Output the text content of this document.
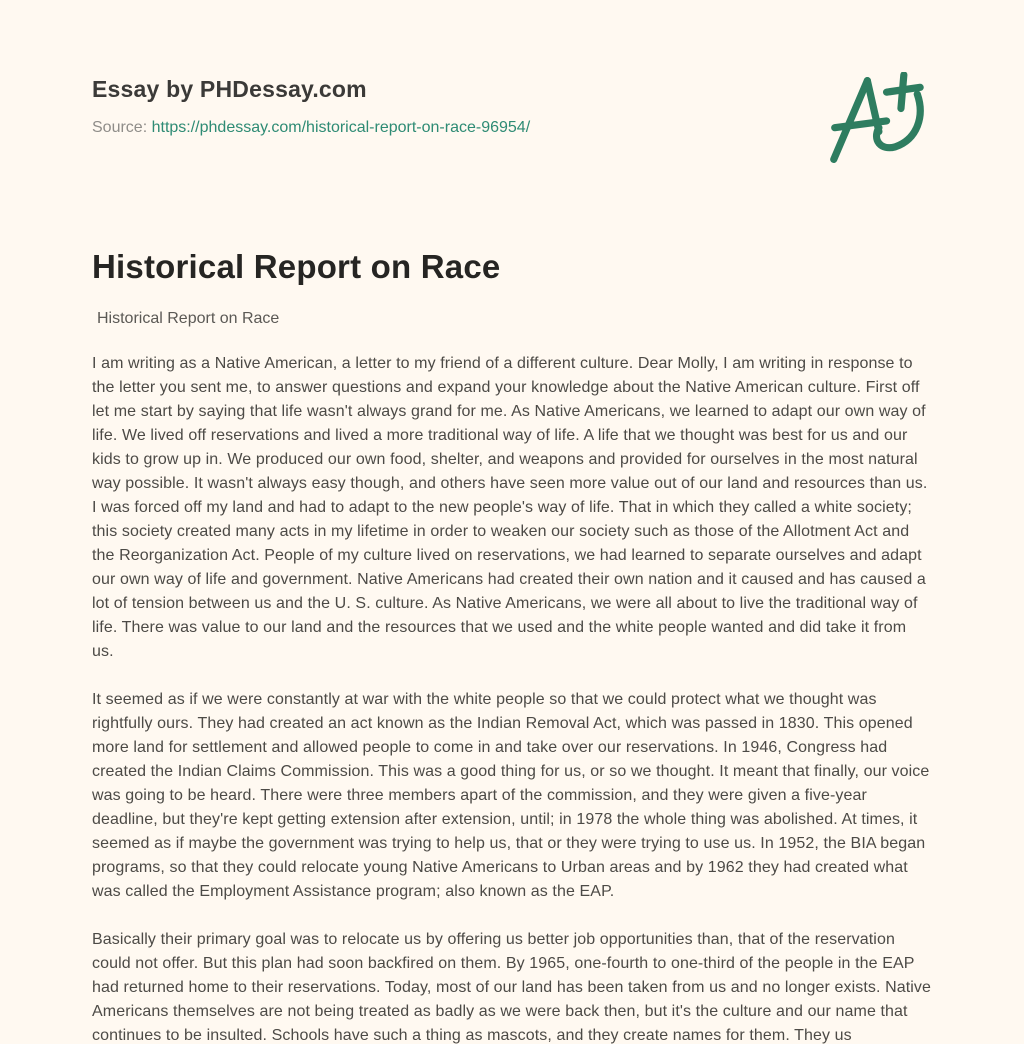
Essay by PHDessay.com
Source: https://phdessay.com/historical-report-on-race-96954/
Historical Report on Race
Historical Report on Race

I am writing as a Native American, a letter to my friend of a different culture. Dear Molly, I am writing in response to the letter you sent me, to answer questions and expand your knowledge about the Native American culture. First off let me start by saying that life wasn't always grand for me. As Native Americans, we learned to adapt our own way of life. We lived off reservations and lived a more traditional way of life. A life that we thought was best for us and our kids to grow up in. We produced our own food, shelter, and weapons and provided for ourselves in the most natural way possible. It wasn't always easy though, and others have seen more value out of our land and resources than us. I was forced off my land and had to adapt to the new people's way of life. That in which they called a white society; this society created many acts in my lifetime in order to weaken our society such as those of the Allotment Act and the Reorganization Act. People of my culture lived on reservations, we had learned to separate ourselves and adapt our own way of life and government. Native Americans had created their own nation and it caused and has caused a lot of tension between us and the U. S. culture. As Native Americans, we were all about to live the traditional way of life. There was value to our land and the resources that we used and the white people wanted and did take it from us.

It seemed as if we were constantly at war with the white people so that we could protect what we thought was rightfully ours. They had created an act known as the Indian Removal Act, which was passed in 1830. This opened more land for settlement and allowed people to come in and take over our reservations. In 1946, Congress had created the Indian Claims Commission. This was a good thing for us, or so we thought. It meant that finally, our voice was going to be heard. There were three members apart of the commission, and they were given a five-year deadline, but they're kept getting extension after extension, until; in 1978 the whole thing was abolished. At times, it seemed as if maybe the government was trying to help us, that or they were trying to use us. In 1952, the BIA began programs, so that they could relocate young Native Americans to Urban areas and by 1962 they had created what was called the Employment Assistance program; also known as the EAP.

Basically their primary goal was to relocate us by offering us better job opportunities than, that of the reservation could not offer. But this plan had soon backfired on them. By 1965, one-fourth to one-third of the people in the EAP had returned home to their reservations. Today, most of our land has been taken from us and no longer exists. Native Americans themselves are not being treated as badly as we were back then, but it's the culture and our name that continues to be insulted. Schools have such a thing as mascots, and they create names for them. They us
